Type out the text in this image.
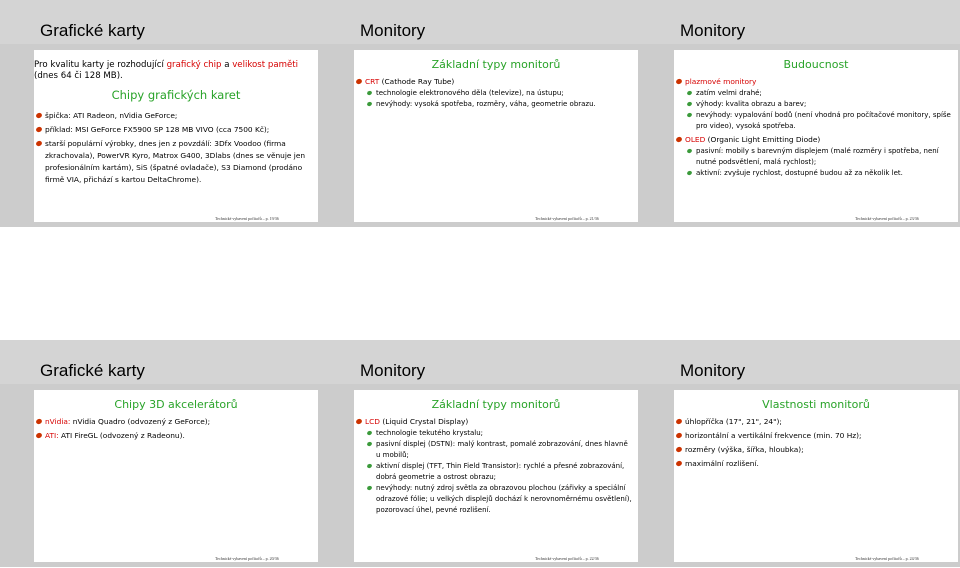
Grafické karty
Pro kvalitu karty je rozhodující grafický chip a velikost paměti (dnes 64 či 128 MB).
Chipy grafických karet
špička: ATI Radeon, nVidia GeForce;
příklad: MSI GeForce FX5900 SP 128 MB VIVO (cca 7500 Kč);
starší populární výrobky, dnes jen z povzdálí: 3Dfx Voodoo (firma zkrachovala), PowerVR Kyro, Matrox G400, 3Dlabs (dnes se věnuje jen profesionálním kartám), SiS (špatné ovladače), S3 Diamond (prodáno firmě VIA, přichází s kartou DeltaChrome).
Technické vybavení počítačů – p. 19/36
Monitory
Základní typy monitorů
CRT (Cathode Ray Tube)
technologie elektronového děla (televize), na ústupu;
nevýhody: vysoká spotřeba, rozměry, váha, geometrie obrazu.
Technické vybavení počítačů – p. 21/36
Monitory
Budoucnost
plazmové monitory
zatím velmi drahé;
výhody: kvalita obrazu a barev;
nevýhody: vypalování bodů (není vhodná pro počítačové monitory, spíše pro video), vysoká spotřeba.
OLED (Organic Light Emitting Diode)
pasivní: mobily s barevným displejem (malé rozměry i spotřeba, není nutné podsvětlení, malá rychlost);
aktivní: zvyšuje rychlost, dostupné budou až za několik let.
Technické vybavení počítačů – p. 23/36
Grafické karty
Chipy 3D akcelerátorů
nVidia: nVidia Quadro (odvozený z GeForce);
ATI: ATI FireGL (odvozený z Radeonu).
Technické vybavení počítačů – p. 20/36
Monitory
Základní typy monitorů
LCD (Liquid Crystal Display)
technologie tekutého krystalu;
pasivní displej (DSTN): malý kontrast, pomalé zobrazování, dnes hlavně u mobilů;
aktivní displej (TFT, Thin Field Transistor): rychlé a přesné zobrazování, dobrá geometrie a ostrost obrazu;
nevýhody: nutný zdroj světla za obrazovou plochou (zářivky a speciální odrazové fólie; u velkých displejů dochází k nerovnoměrnému osvětlení), pozorovací úhel, pevné rozlišení.
Technické vybavení počítačů – p. 22/36
Monitory
Vlastnosti monitorů
úhlopříčka (17", 21", 24");
horizontální a vertikální frekvence (min. 70 Hz);
rozměry (výška, šířka, hloubka);
maximální rozlišení.
Technické vybavení počítačů – p. 24/36
